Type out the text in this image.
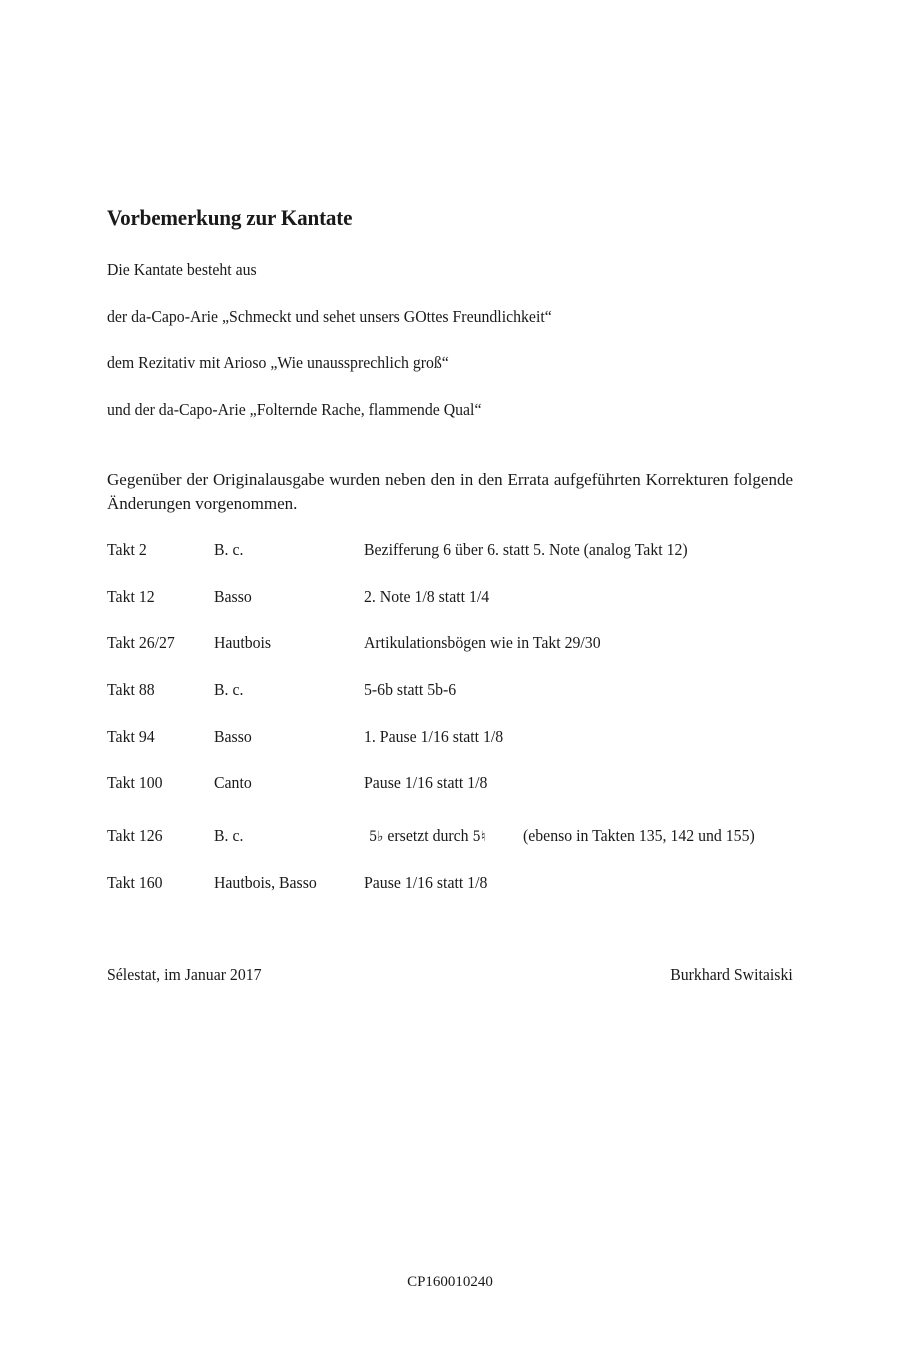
Vorbemerkung zur Kantate
Die Kantate besteht aus
der da-Capo-Arie „Schmeckt und sehet unsers GOttes Freundlichkeit“
dem Rezitativ mit Arioso „Wie unaussprechlich groß“
und der da-Capo-Arie „Folternde Rache, flammende Qual“
Gegenüber der Originalausgabe wurden neben den in den Errata aufgeführten Korrekturen folgende Änderungen vorgenommen.
Takt 2	B. c.	Bezifferung 6 über 6. statt 5. Note (analog Takt 12)
Takt 12	Basso	2. Note 1/8 statt 1/4
Takt 26/27 Hautbois	Artikulationsbögen wie in Takt 29/30
Takt 88	B. c.	5-6b statt 5b-6
Takt 94	Basso	1. Pause 1/16 statt 1/8
Takt 100	Canto	Pause 1/16 statt 1/8
Takt 126	B. c.	5♭ ersetzt durch 5♮ (ebenso in Takten 135, 142 und 155)
Takt 160	Hautbois, Basso	Pause 1/16 statt 1/8
Sélestat, im Januar 2017	Burkhard Switaiski
CP160010240
